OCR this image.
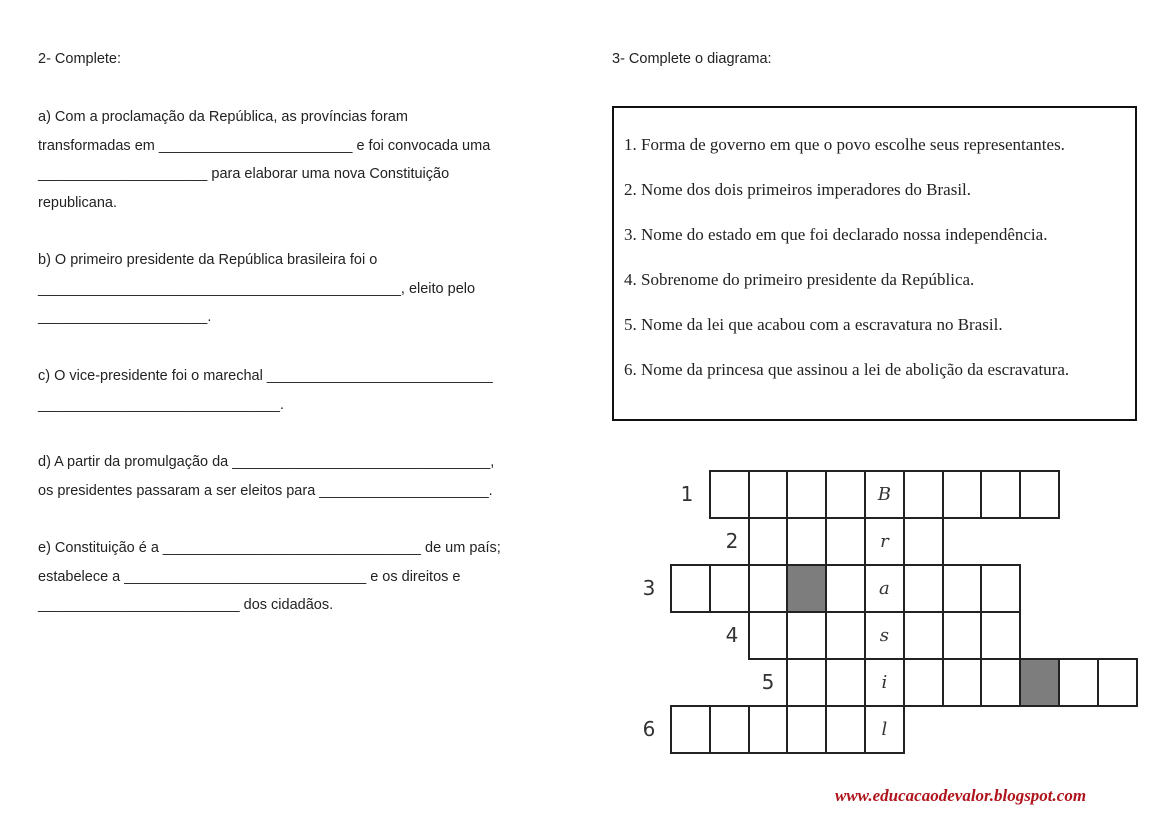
2- Complete:
a) Com a proclamação da República, as províncias foram
transformadas em ________________________ e foi convocada uma
_____________________ para elaborar uma nova Constituição
republicana.
b) O primeiro presidente da República brasileira foi o
_____________________________________________, eleito pelo
_____________________.
c) O vice-presidente foi o marechal ____________________________
______________________________.
d) A partir da promulgação da ________________________________,
os presidentes passaram a ser eleitos para _____________________.
e) Constituição é a ________________________________ de um país;
estabelece a ______________________________ e os direitos e
_________________________ dos cidadãos.
3- Complete o diagrama:
1. Forma de governo em que o povo escolhe seus representantes.
2. Nome dos dois primeiros imperadores do Brasil.
3. Nome do estado em que foi declarado nossa independência.
4. Sobrenome do primeiro presidente da República.
5. Nome da lei que acabou com a escravatura no Brasil.
6. Nome da princesa que assinou a lei de abolição da escravatura.
1	B
2	r
3	a
4	s
5	i
6	l
www.educacaodevalor.blogspot.com
